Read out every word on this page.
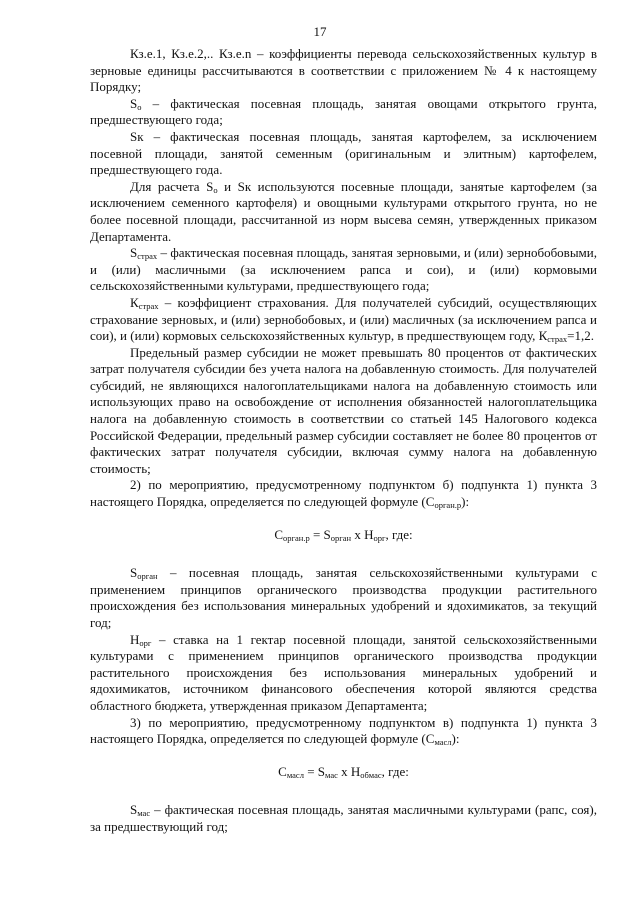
17

Кз.е.1, Кз.е.2,.. Кз.е.n – коэффициенты перевода сельскохозяйственных культур в зерновые единицы рассчитываются в соответствии с приложением № 4 к настоящему Порядку;

$S_о$ – фактическая посевная площадь, занятая овощами открытого грунта, предшествующего года;

Sк – фактическая посевная площадь, занятая картофелем, за исключением посевной площади, занятой семенным (оригинальным и элитным) картофелем, предшествующего года.

Для расчета $S_о$ и Sк используются посевные площади, занятые картофелем (за исключением семенного картофеля) и овощными культурами открытого грунта, но не более посевной площади, рассчитанной из норм высева семян, утвержденных приказом Департамента.

$S_{страх}$ – фактическая посевная площадь, занятая зерновыми, и (или) зернобобовыми, и (или) масличными (за исключением рапса и сои), и (или) кормовыми сельскохозяйственными культурами, предшествующего года;

$К_{страх}$ – коэффициент страхования. Для получателей субсидий, осуществляющих страхование зерновых, и (или) зернобобовых, и (или) масличных (за исключением рапса и сои), и (или) кормовых сельскохозяйственных культур, в предшествующем году, $К_{страх}=1,2$.

Предельный размер субсидии не может превышать 80 процентов от фактических затрат получателя субсидии без учета налога на добавленную стоимость. Для получателей субсидий, не являющихся налогоплательщиками налога на добавленную стоимость или использующих право на освобождение от исполнения обязанностей налогоплательщика налога на добавленную стоимость в соответствии со статьей 145 Налогового кодекса Российской Федерации, предельный размер субсидии составляет не более 80 процентов от фактических затрат получателя субсидии, включая сумму налога на добавленную стоимость;

2) по мероприятию, предусмотренному подпунктом б) подпункта 1) пункта 3 настоящего Порядка, определяется по следующей формуле $(С_{орган.р})$:

$С_{орган.р} = S_{орган}$ х $Н_{орг}$, где:

$S_{орган}$ – посевная площадь, занятая сельскохозяйственными культурами с применением принципов органического производства продукции растительного происхождения без использования минеральных удобрений и ядохимикатов, за текущий год;

$Н_{орг}$ – ставка на 1 гектар посевной площади, занятой сельскохозяйственными культурами с применением принципов органического производства продукции растительного происхождения без использования минеральных удобрений и ядохимикатов, источником финансового обеспечения которой являются средства областного бюджета, утвержденная приказом Департамента;

3) по мероприятию, предусмотренному подпунктом в) подпункта 1) пункта 3 настоящего Порядка, определяется по следующей формуле $(С_{масл})$:

$С_{масл} = S_{мас}$ х $Н_{обмас}$, где:

$S_{мас}$ – фактическая посевная площадь, занятая масличными культурами (рапс, соя), за предшествующий год;
